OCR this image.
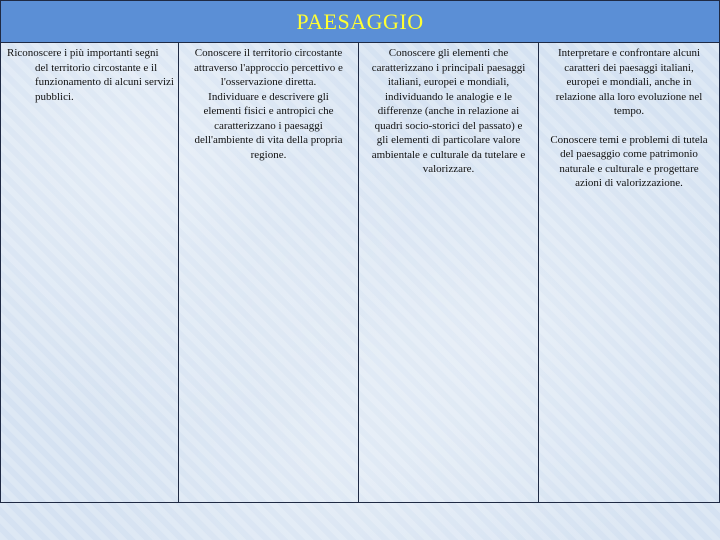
PAESAGGIO

Riconoscere i più importanti segni del territorio circostante e il funzionamento di alcuni servizi pubblici.

Conoscere il territorio circostante attraverso l'approccio percettivo e l'osservazione diretta.

Individuare e descrivere gli elementi fisici e antropici che caratterizzano i paesaggi dell'ambiente di vita della propria regione.

Conoscere gli elementi che caratterizzano i principali paesaggi italiani, europei e mondiali, individuando le analogie e le differenze (anche in relazione ai quadri socio-storici del passato) e gli elementi di particolare valore ambientale e culturale da tutelare e valorizzare.

Interpretare e confrontare alcuni caratteri dei paesaggi italiani, europei e mondiali, anche in relazione alla loro evoluzione nel tempo.

Conoscere temi e problemi di tutela del paesaggio come patrimonio naturale e culturale e progettare azioni di valorizzazione.
